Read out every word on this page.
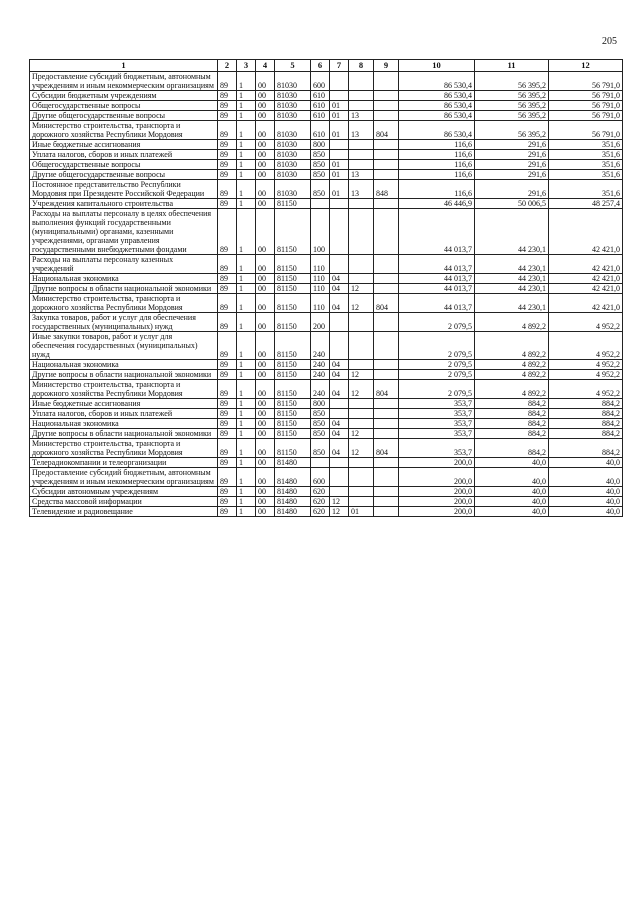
205
1	2	3	4	5	6	7	8	9	10	11	12
Предоставление субсидий бюджетным, автономным учреждениям и иным некоммерческим организациям	89	1	00	81030	600				86 530,4	56 395,2	56 791,0
Субсидии бюджетным учреждениям	89	1	00	81030	610				86 530,4	56 395,2	56 791,0
Общегосударственные вопросы	89	1	00	81030	610	01			86 530,4	56 395,2	56 791,0
Другие общегосударственные вопросы	89	1	00	81030	610	01	13		86 530,4	56 395,2	56 791,0
Министерство строительства, транспорта и дорожного хозяйства Республики Мордовия	89	1	00	81030	610	01	13	804	86 530,4	56 395,2	56 791,0
Иные бюджетные ассигнования	89	1	00	81030	800				116,6	291,6	351,6
Уплата налогов, сборов и иных платежей	89	1	00	81030	850				116,6	291,6	351,6
Общегосударственные вопросы	89	1	00	81030	850	01			116,6	291,6	351,6
Другие общегосударственные вопросы	89	1	00	81030	850	01	13		116,6	291,6	351,6
Постоянное представительство Республики Мордовия при Президенте Российской Федерации	89	1	00	81030	850	01	13	848	116,6	291,6	351,6
Учреждения капитального строительства	89	1	00	81150					46 446,9	50 006,5	48 257,4
Расходы на выплаты персоналу в целях обеспечения выполнения функций государственными (муниципальными) органами, казенными учреждениями, органами управления государственными внебюджетными фондами	89	1	00	81150	100				44 013,7	44 230,1	42 421,0
Расходы на выплаты персоналу казенных учреждений	89	1	00	81150	110				44 013,7	44 230,1	42 421,0
Национальная экономика	89	1	00	81150	110	04			44 013,7	44 230,1	42 421,0
Другие вопросы в области национальной экономики	89	1	00	81150	110	04	12		44 013,7	44 230,1	42 421,0
Министерство строительства, транспорта и дорожного хозяйства Республики Мордовия	89	1	00	81150	110	04	12	804	44 013,7	44 230,1	42 421,0
Закупка товаров, работ и услуг для обеспечения государственных (муниципальных) нужд	89	1	00	81150	200				2 079,5	4 892,2	4 952,2
Иные закупки товаров, работ и услуг для обеспечения государственных (муниципальных) нужд	89	1	00	81150	240				2 079,5	4 892,2	4 952,2
Национальная экономика	89	1	00	81150	240	04			2 079,5	4 892,2	4 952,2
Другие вопросы в области национальной экономики	89	1	00	81150	240	04	12		2 079,5	4 892,2	4 952,2
Министерство строительства, транспорта и дорожного хозяйства Республики Мордовия	89	1	00	81150	240	04	12	804	2 079,5	4 892,2	4 952,2
Иные бюджетные ассигнования	89	1	00	81150	800				353,7	884,2	884,2
Уплата налогов, сборов и иных платежей	89	1	00	81150	850				353,7	884,2	884,2
Национальная экономика	89	1	00	81150	850	04			353,7	884,2	884,2
Другие вопросы в области национальной экономики	89	1	00	81150	850	04	12		353,7	884,2	884,2
Министерство строительства, транспорта и дорожного хозяйства Республики Мордовия	89	1	00	81150	850	04	12	804	353,7	884,2	884,2
Телерадиокомпании и телеорганизации	89	1	00	81480					200,0	40,0	40,0
Предоставление субсидий бюджетным, автономным учреждениям и иным некоммерческим организациям	89	1	00	81480	600				200,0	40,0	40,0
Субсидии автономным учреждениям	89	1	00	81480	620				200,0	40,0	40,0
Средства массовой информации	89	1	00	81480	620	12			200,0	40,0	40,0
Телевидение и радиовещание	89	1	00	81480	620	12	01		200,0	40,0	40,0
